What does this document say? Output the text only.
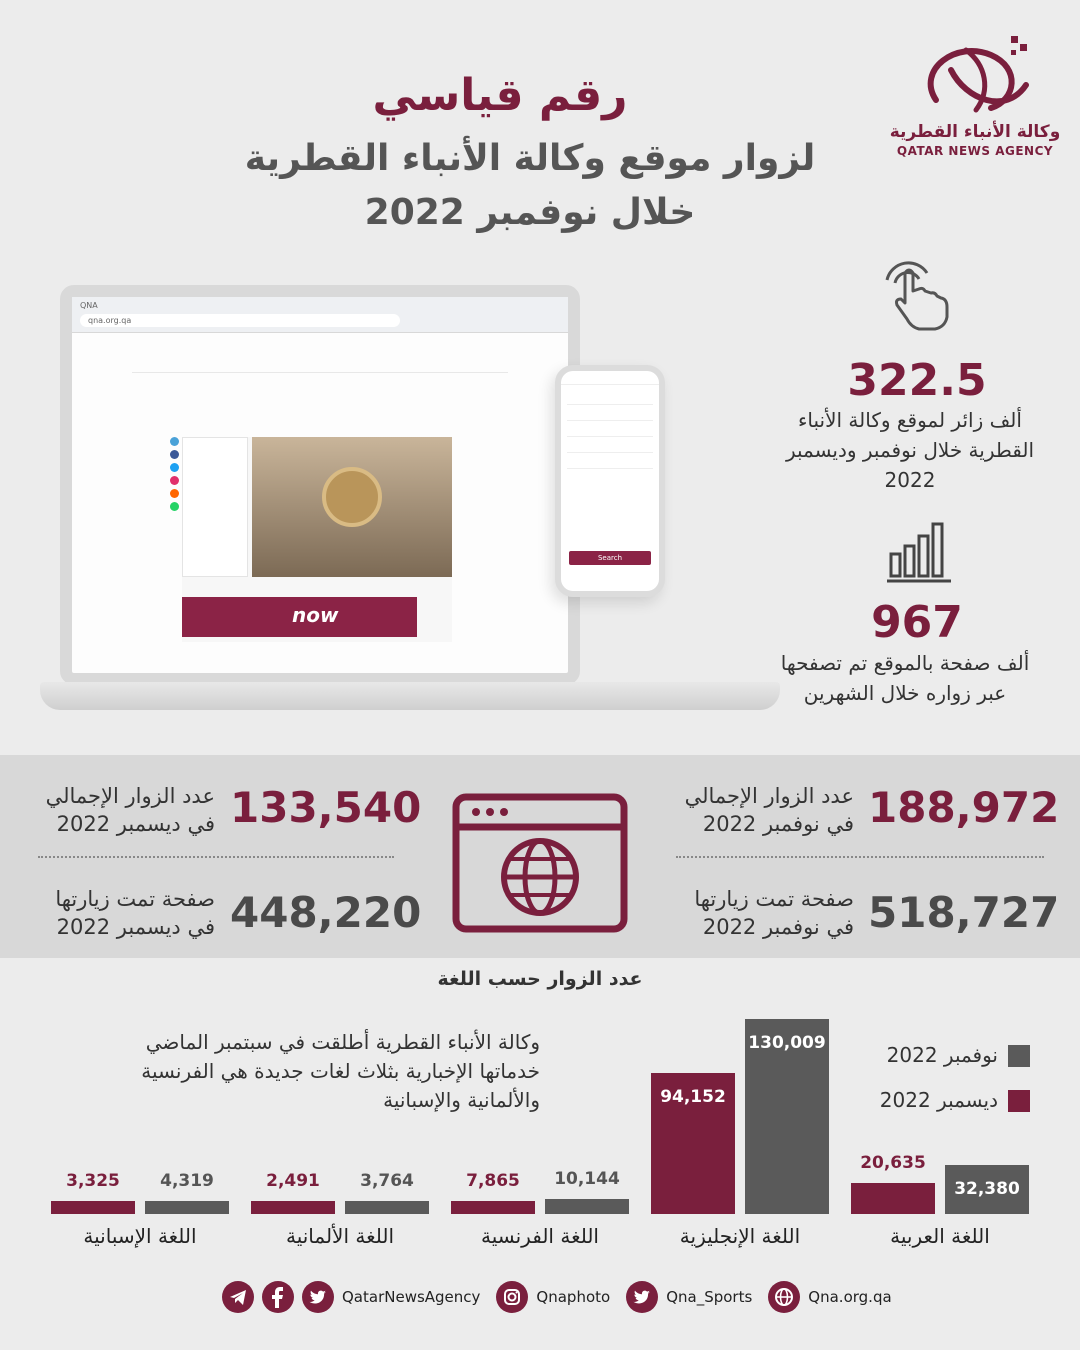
رقم قياسي
لزوار موقع وكالة الأنباء القطرية
خلال نوفمبر 2022
وكالة الأنباء القطرية
QATAR NEWS AGENCY
322.5
ألف زائر لموقع وكالة الأنباء القطرية خلال نوفمبر وديسمبر 2022
967
ألف صفحة بالموقع تم تصفحها عبر زواره خلال الشهرين
QNA
qna.org.qa
now
Search
188,972
عدد الزوار الإجمالي
في نوفمبر 2022
518,727
صفحة تمت زيارتها
في نوفمبر 2022
133,540
عدد الزوار الإجمالي
في ديسمبر 2022
448,220
صفحة تمت زيارتها
في ديسمبر 2022
عدد الزوار حسب اللغة
وكالة الأنباء القطرية أطلقت في سبتمبر الماضي خدماتها الإخبارية بثلاث لغات جديدة هي الفرنسية والألمانية والإسبانية
نوفمبر 2022
ديسمبر 2022
32,380
20,635
130,009
94,152
10,144
7,865
3,764
2,491
4,319
3,325
اللغة العربية
اللغة الإنجليزية
اللغة الفرنسية
اللغة الألمانية
اللغة الإسبانية
QatarNewsAgency	Qnaphoto	Qna_Sports	Qna.org.qa
